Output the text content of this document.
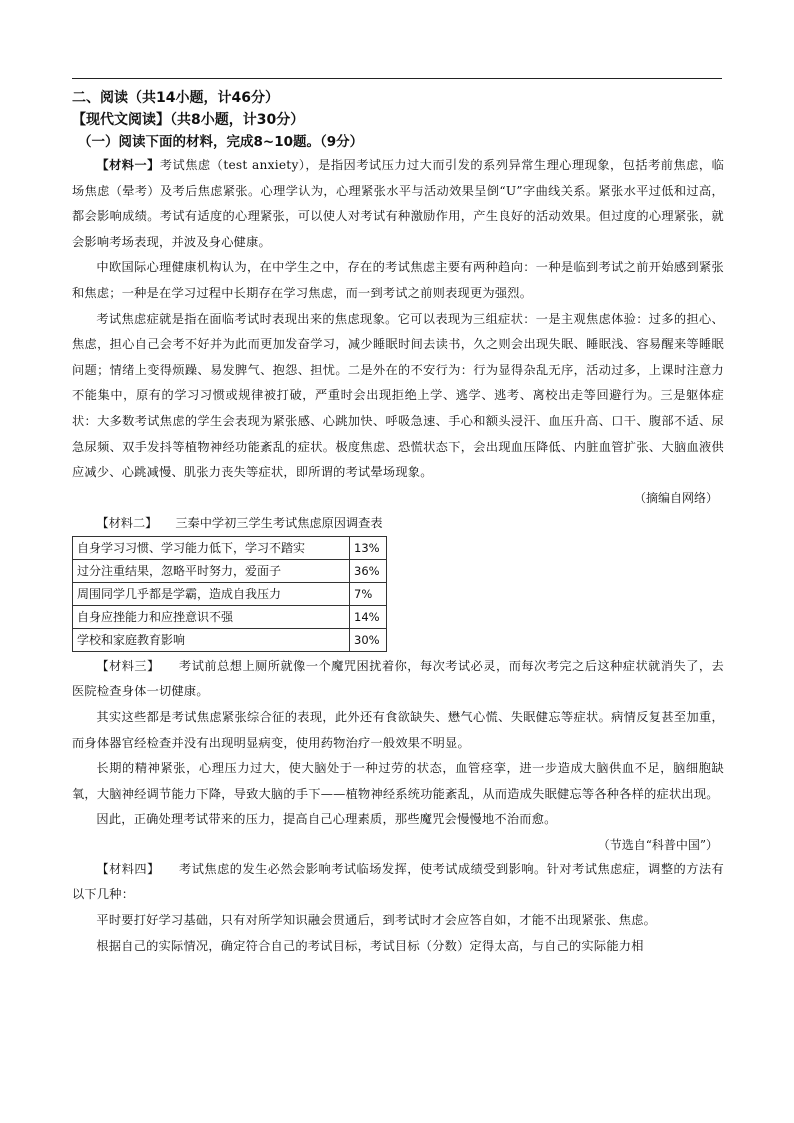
二、阅读（共14小题，计46分）

【现代文阅读】（共8小题，计30分）

（一）阅读下面的材料，完成8~10题。（9分）

【材料一】考试焦虑（test anxiety），是指因考试压力过大而引发的系列异常生理心理现象，包括考前焦虑，临场焦虑（晕考）及考后焦虑紧张。心理学认为，心理紧张水平与活动效果呈倒“U”字曲线关系。紧张水平过低和过高，都会影响成绩。考试有适度的心理紧张，可以使人对考试有种激励作用，产生良好的活动效果。但过度的心理紧张，就会影响考场表现，并波及身心健康。

中欧国际心理健康机构认为，在中学生之中，存在的考试焦虑主要有两种趋向：一种是临到考试之前开始感到紧张和焦虑；一种是在学习过程中长期存在学习焦虑，而一到考试之前则表现更为强烈。

考试焦虑症就是指在面临考试时表现出来的焦虑现象。它可以表现为三组症状：一是主观焦虑体验：过多的担心、焦虑，担心自己会考不好并为此而更加发奋学习，减少睡眠时间去读书，久之则会出现失眠、睡眠浅、容易醒来等睡眠问题；情绪上变得烦躁、易发脾气、抱怨、担忧。二是外在的不安行为：行为显得杂乱无序，活动过多，上课时注意力不能集中，原有的学习习惯或规律被打破，严重时会出现拒绝上学、逃学、逃考、离校出走等回避行为。三是躯体症状：大多数考试焦虑的学生会表现为紧张感、心跳加快、呼吸急速、手心和额头浸汗、血压升高、口干、腹部不适、尿急尿频、双手发抖等植物神经功能紊乱的症状。极度焦虑、恐慌状态下，会出现血压降低、内脏血管扩张、大脑血液供应减少、心跳减慢、肌张力丧失等症状，即所谓的考试晕场现象。

（摘编自网络）

【材料二】 三秦中学初三学生考试焦虑原因调查表

自身学习习惯、学习能力低下，学习不踏实	13%
过分注重结果，忽略平时努力，爱面子	36%
周围同学几乎都是学霸，造成自我压力	7%
自身应挫能力和应挫意识不强	14%
学校和家庭教育影响	30%

【材料三】　　 考试前总想上厕所就像一个魔咒困扰着你，每次考试必灵，而每次考完之后这种症状就消失了，去医院检查身体一切健康。

其实这些都是考试焦虑紧张综合征的表现，此外还有食欲缺失、懋气心慌、失眠健忘等症状。病情反复甚至加重，而身体器官经检查并没有出现明显病变，使用药物治疗一般效果不明显。

长期的精神紧张，心理压力过大，使大脑处于一种过劳的状态，血管痉挛，进一步造成大脑供血不足，脑细胞缺氧，大脑神经调节能力下降，导致大脑的手下——植物神经系统功能紊乱，从而造成失眠健忘等各种各样的症状出现。

因此，正确处理考试带来的压力，提高自己心理素质，那些魔咒会慢慢地不治而愈。

（节选自“科普中国”）

【材料四】　　 考试焦虑的发生必然会影响考试临场发挥，使考试成绩受到影响。针对考试焦虑症，调整的方法有以下几种：

平时要打好学习基础，只有对所学知识融会贯通后，到考试时才会应答自如，才能不出现紧张、焦虑。

根据自己的实际情况，确定符合自己的考试目标，考试目标（分数）定得太高，与自己的实际能力相
